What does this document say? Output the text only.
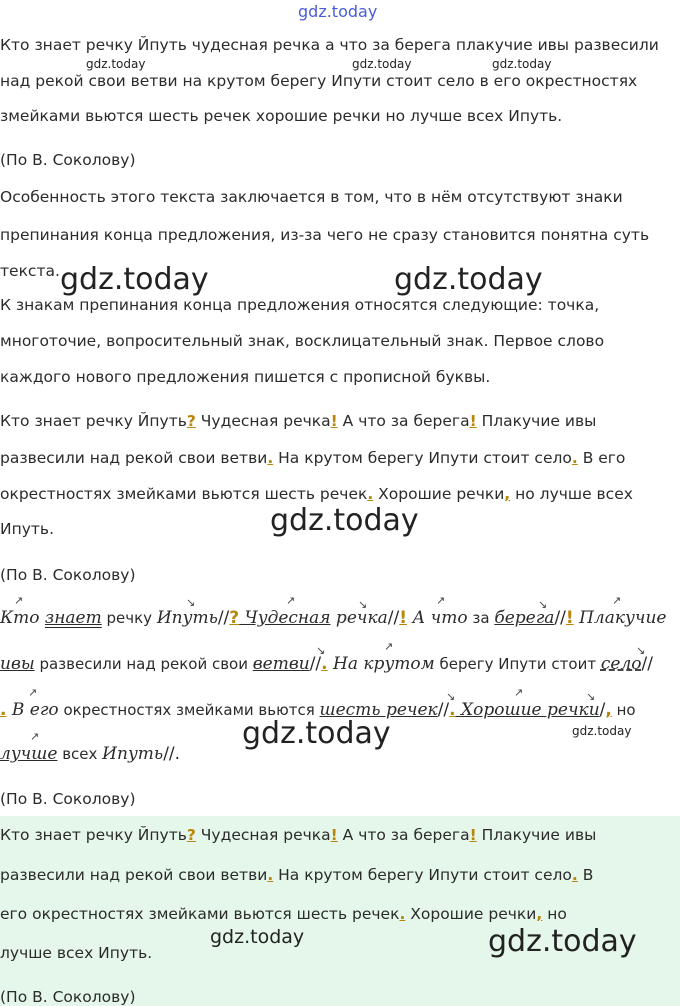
gdz.today
Кто знает речку Йпуть чудесная речка а что за берега плакучие ивы развесили
над рекой свои ветви на крутом берегу Ипути стоит село в его окрестностях
змейками вьются шесть речек хорошие речки но лучше всех Ипуть.
(По В. Соколову)
Особенность этого текста заключается в том, что в нём отсутствуют знаки
препинания конца предложения, из-за чего не сразу становится понятна суть
текста.
К знакам препинания конца предложения относятся следующие: точка,
многоточие, вопросительный знак, восклицательный знак. Первое слово
каждого нового предложения пишется с прописной буквы.
Кто знает речку Йпуть? Чудесная речка! А что за берега! Плакучие ивы
развесили над рекой свои ветви. На крутом берегу Ипути стоит село. В его
окрестностях змейками вьются шесть речек. Хорошие речки, но лучше всех
Ипуть.
(По В. Соколову)
Кто знает речку Ипуть//? Чудесная речка//! А что за берега//! Плакучие
ивы развесили над рекой свои ветви//. На крутом берегу Ипути стоит село//
. В его окрестностях змейками вьются шесть речек//. Хорошие речки/, но
лучше всех Ипуть//.
(По В. Соколову)
↗	↘	↗	↘	↗	↘	↗
↘	↗	↘
↗	↘	↗	↘
↗
Кто знает речку Йпуть? Чудесная речка! А что за берега! Плакучие ивы
развесили над рекой свои ветви. На крутом берегу Ипути стоит село. В
его окрестностях змейками вьются шесть речек. Хорошие речки, но
лучше всех Ипуть.
(По В. Соколову)
gdz.today	gdz.today	gdz.today
gdz.today	gdz.today
gdz.today
gdz.today	gdz.today
gdz.today	gdz.today
